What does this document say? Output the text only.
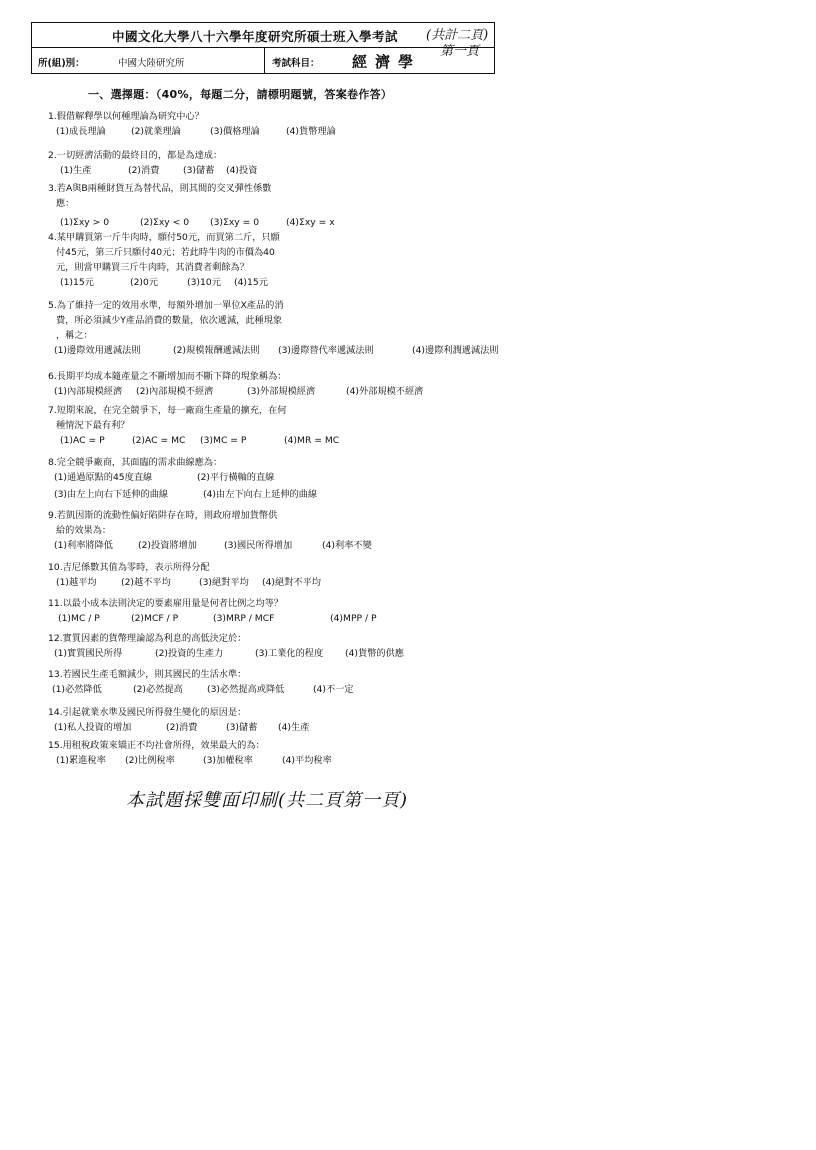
中國文化大學八十六學年度研究所碩士班入學考試
所(組)別：	中國大陸研究所	考試科目： 經濟學
(共計二頁)
第一頁
一、選擇題：（40%，每題二分，請標明題號，答案卷作答）
1.假借解釋學以何種理論為研究中心？
(1)成長理論	(2)就業理論	(3)價格理論	(4)貨幣理論
2.一切經濟活動的最終目的，都是為達成：
(1)生產	(2)消費	(3)儲蓄 (4)投資
3.若A與B兩種財貨互為替代品，則其間的交叉彈性係數
應：
(1)Σxy > 0	(2)Σxy < 0 (3)Σxy = 0	(4)Σxy = x
4.某甲購買第一斤牛肉時，願付50元，而買第二斤，只願
付45元，第三斤只願付40元；若此時牛肉的市價為40
元，則當甲購買三斤牛肉時，其消費者剩餘為？
(1)15元	(2)0元	(3)10元 (4)15元
5.為了維持一定的效用水準，每額外增加一單位X產品的消
費，所必須減少Y產品消費的數量，依次遞減，此種現象
，稱之：
(1)邊際效用遞減法則	(2)規模報酬遞減法則 (3)邊際替代率遞減法則	(4)邊際利潤遞減法則
6.長期平均成本隨產量之不斷增加而不斷下降的現象稱為：
(1)內部規模經濟 (2)內部規模不經濟	(3)外部規模經濟	(4)外部規模不經濟
7.短期來說，在完全競爭下，每一廠商生產量的擴充，在何
種情況下最有利？
(1)AC = P	(2)AC = MC (3)MC = P	(4)MR = MC
8.完全競爭廠商，其面臨的需求曲線應為：
(1)通過原點的45度直線	(2)平行橫軸的直線
(3)由左上向右下延伸的曲線	(4)由左下向右上延伸的曲線
9.若凱因斯的流動性偏好陷阱存在時，則政府增加貨幣供
給的效果為：
(1)利率將降低	(2)投資將增加	(3)國民所得增加	(4)利率不變
10.吉尼係數其值為零時，表示所得分配
(1)越平均	(2)越不平均	(3)絕對平均 (4)絕對不平均
11.以最小成本法則決定的要素雇用量是何者比例之均等？
(1)MC / P	(2)MCF / P	(3)MRP / MCF	(4)MPP / P
12.實質因素的貨幣理論認為利息的高低決定於：
(1)實質國民所得	(2)投資的生產力	(3)工業化的程度 (4)貨幣的供應
13.若國民生產毛額減少，則其國民的生活水準：
(1)必然降低	(2)必然提高	(3)必然提高或降低	(4)不一定
14.引起就業水準及國民所得發生變化的原因是：
(1)私人投資的增加	(2)消費	(3)儲蓄 (4)生產
15.用租稅政策來矯正不均社會所得，效果最大的為：
(1)累進稅率 (2)比例稅率	(3)加權稅率	(4)平均稅率
本試題採雙面印刷(共二頁第一頁)
